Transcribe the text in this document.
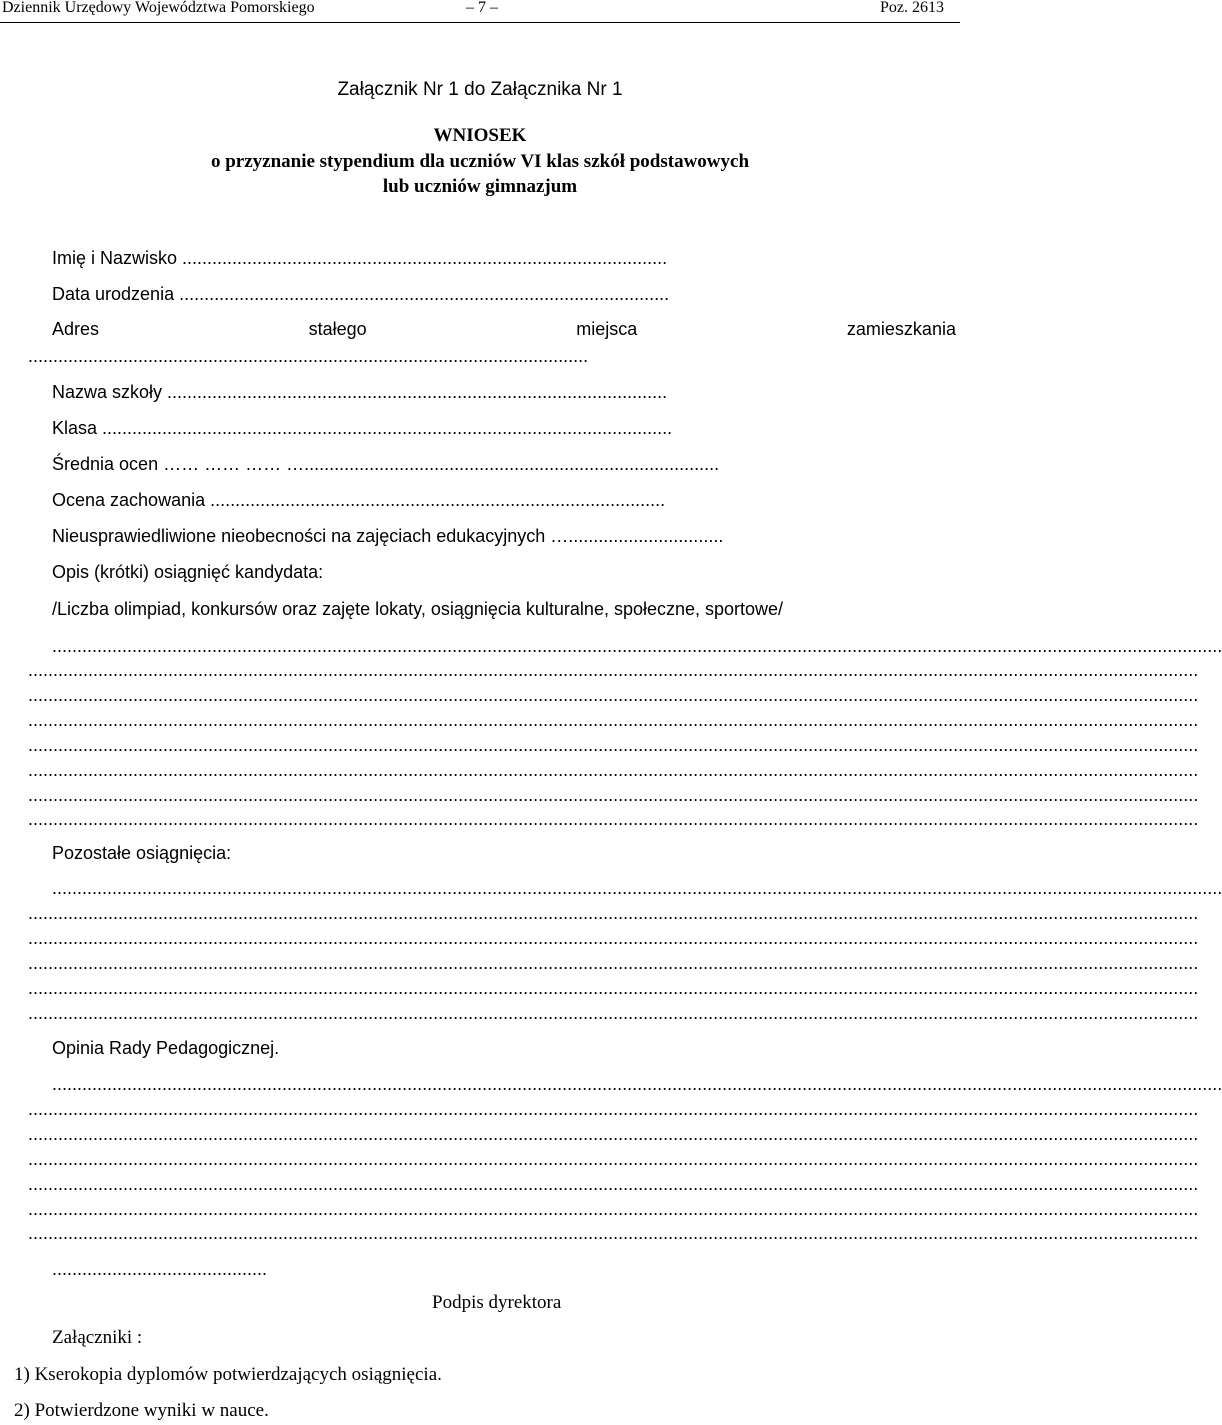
Dziennik Urzędowy Województwa Pomorskiego	– 7 –	Poz. 2613
Załącznik Nr 1 do Załącznika Nr 1
WNIOSEK
o przyznanie stypendium dla uczniów VI klas szkół podstawowych
lub uczniów gimnazjum
Imię i Nazwisko .................................................................................................
Data urodzenia ..................................................................................................
Adres	stałego	miejsca	zamieszkania
................................................................................................................
Nazwa szkoły ....................................................................................................
Klasa ..................................................................................................................
Średnia ocen …… …… …… …...................................................................................
Ocena zachowania ...........................................................................................
Nieusprawiedliwione nieobecności na zajęciach edukacyjnych …...............................
Opis (krótki) osiągnięć kandydata:
/Liczba olimpiad, konkursów oraz zajęte lokaty, osiągnięcia kulturalne, społeczne, sportowe/
..........................................................................................................................................................................................................................................
..........................................................................................................................................................................................................................................
..........................................................................................................................................................................................................................................
..........................................................................................................................................................................................................................................
..........................................................................................................................................................................................................................................
..........................................................................................................................................................................................................................................
..........................................................................................................................................................................................................................................
..........................................................................................................................................................................................................................................
Pozostałe osiągnięcia:
..........................................................................................................................................................................................................................................
..........................................................................................................................................................................................................................................
..........................................................................................................................................................................................................................................
..........................................................................................................................................................................................................................................
..........................................................................................................................................................................................................................................
..........................................................................................................................................................................................................................................
Opinia Rady Pedagogicznej.
..........................................................................................................................................................................................................................................
..........................................................................................................................................................................................................................................
..........................................................................................................................................................................................................................................
..........................................................................................................................................................................................................................................
..........................................................................................................................................................................................................................................
..........................................................................................................................................................................................................................................
..........................................................................................................................................................................................................................................
...........................................
Podpis dyrektora
Załączniki :
1) Kserokopia dyplomów potwierdzających osiągnięcia.
2) Potwierdzone wyniki w nauce.
